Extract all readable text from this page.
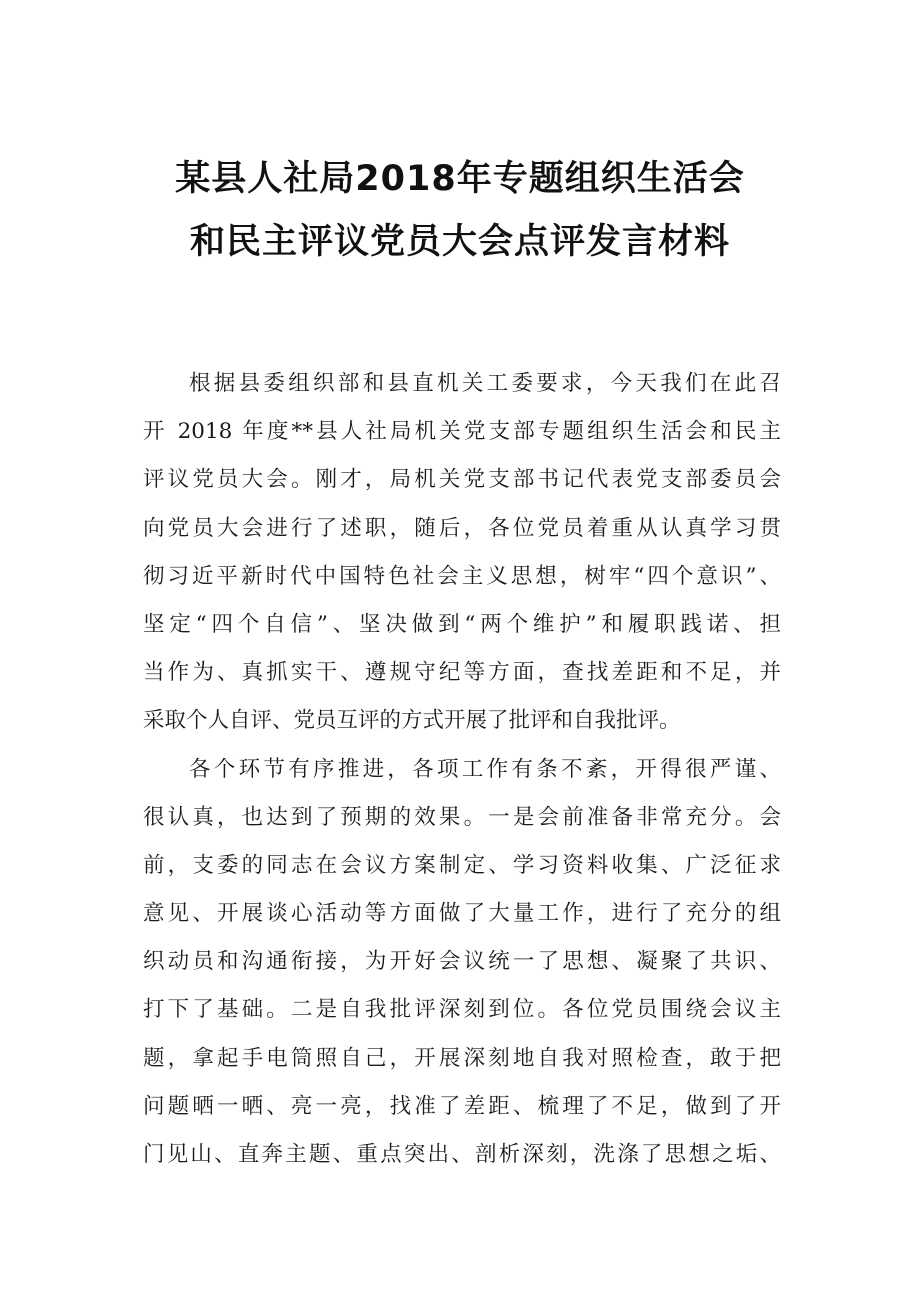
某县人社局2018年专题组织生活会
和民主评议党员大会点评发言材料
根据县委组织部和县直机关工委要求，今天我们在此召
开 2018 年度**县人社局机关党支部专题组织生活会和民主
评议党员大会。刚才，局机关党支部书记代表党支部委员会
向党员大会进行了述职，随后，各位党员着重从认真学习贯
彻习近平新时代中国特色社会主义思想，树牢“四个意识”、
坚定“四个自信”、坚决做到“两个维护”和履职践诺、担
当作为、真抓实干、遵规守纪等方面，查找差距和不足，并
采取个人自评、党员互评的方式开展了批评和自我批评。
各个环节有序推进，各项工作有条不紊，开得很严谨、
很认真，也达到了预期的效果。一是会前准备非常充分。会
前，支委的同志在会议方案制定、学习资料收集、广泛征求
意见、开展谈心活动等方面做了大量工作，进行了充分的组
织动员和沟通衔接，为开好会议统一了思想、凝聚了共识、
打下了基础。二是自我批评深刻到位。各位党员围绕会议主
题，拿起手电筒照自己，开展深刻地自我对照检查，敢于把
问题晒一晒、亮一亮，找准了差距、梳理了不足，做到了开
门见山、直奔主题、重点突出、剖析深刻，洗涤了思想之垢、
